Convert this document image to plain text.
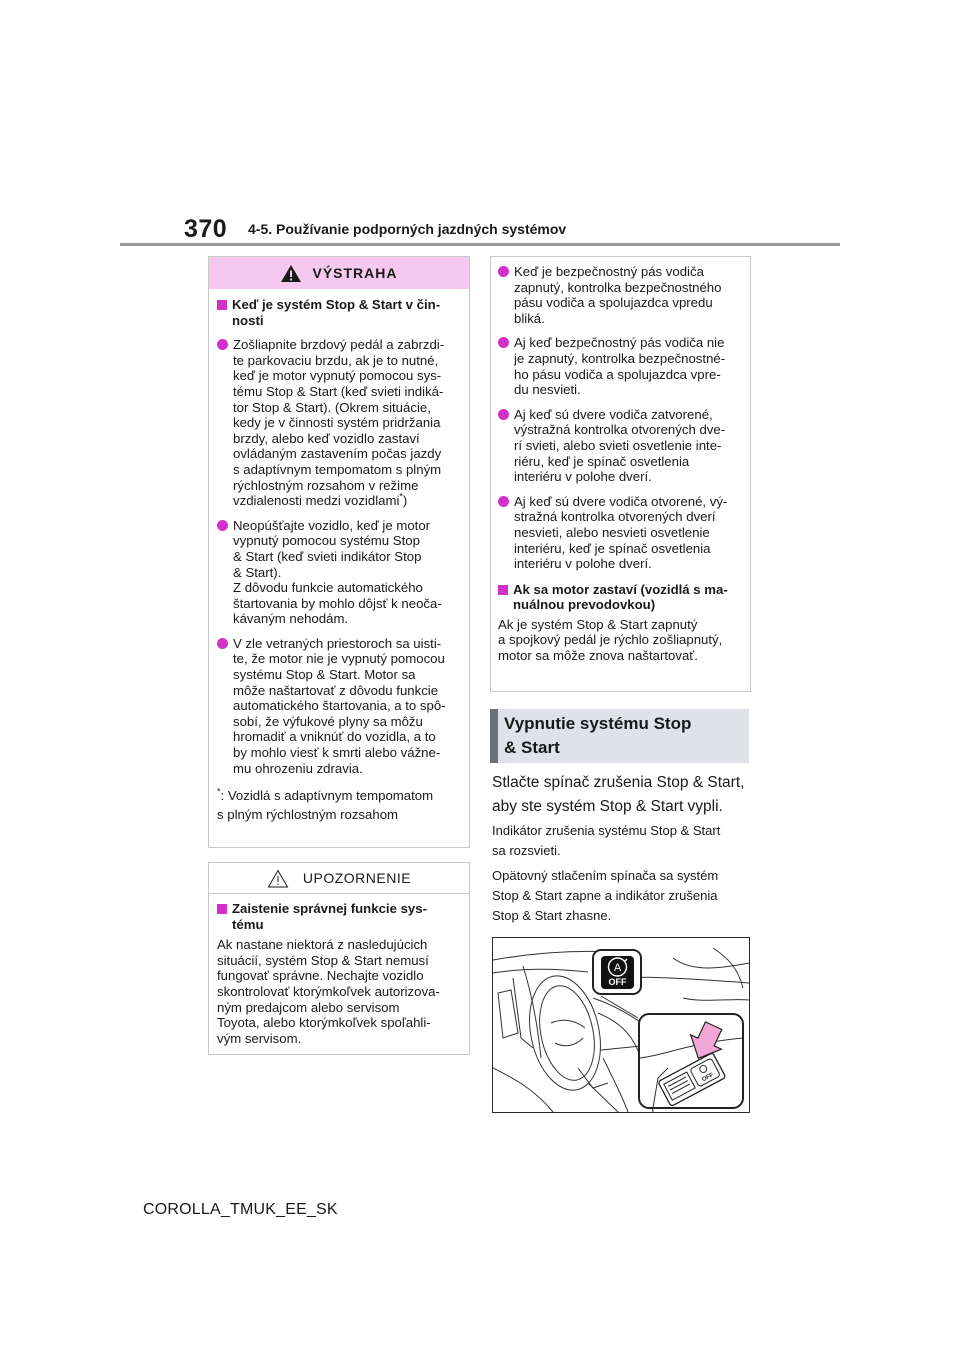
370 4-5. Používanie podporných jazdných systémov
VÝSTRAHA
Keď je systém Stop & Start v čin-
nosti
Zošliapnite brzdový pedál a zabrzdi-
te parkovaciu brzdu, ak je to nutné,
keď je motor vypnutý pomocou sys-
tému Stop & Start (keď svieti indiká-
tor Stop & Start). (Okrem situácie,
kedy je v činnosti systém pridržania
brzdy, alebo keď vozidlo zastaví
ovládaným zastavením počas jazdy
s adaptívnym tempomatom s plným
rýchlostným rozsahom v režime
vzdialenosti medzi vozidlami*)
Neopúšťajte vozidlo, keď je motor
vypnutý pomocou systému Stop
& Start (keď svieti indikátor Stop
& Start).
Z dôvodu funkcie automatického
štartovania by mohlo dôjsť k neoča-
kávaným nehodám.
V zle vetraných priestoroch sa uisti-
te, že motor nie je vypnutý pomocou
systému Stop & Start. Motor sa
môže naštartovať z dôvodu funkcie
automatického štartovania, a to spô-
sobí, že výfukové plyny sa môžu
hromadiť a vniknúť do vozidla, a to
by mohlo viesť k smrti alebo vážne-
mu ohrozeniu zdravia.
*: Vozidlá s adaptívnym tempomatom
s plným rýchlostným rozsahom
UPOZORNENIE
Zaistenie správnej funkcie sys-
tému
Ak nastane niektorá z nasledujúcich
situácií, systém Stop & Start nemusí
fungovať správne. Nechajte vozidlo
skontrolovať ktorýmkoľvek autorizova-
ným predajcom alebo servisom
Toyota, alebo ktorýmkoľvek spoľahli-
vým servisom.
Keď je bezpečnostný pás vodiča
zapnutý, kontrolka bezpečnostného
pásu vodiča a spolujazdca vpredu
bliká.
Aj keď bezpečnostný pás vodiča nie
je zapnutý, kontrolka bezpečnostné-
ho pásu vodiča a spolujazdca vpre-
du nesvieti.
Aj keď sú dvere vodiča zatvorené,
výstražná kontrolka otvorených dve-
rí svieti, alebo svieti osvetlenie inte-
riéru, keď je spínač osvetlenia
interiéru v polohe dverí.
Aj keď sú dvere vodiča otvorené, vý-
stražná kontrolka otvorených dverí
nesvieti, alebo nesvieti osvetlenie
interiéru, keď je spínač osvetlenia
interiéru v polohe dverí.
Ak sa motor zastaví (vozidlá s ma-
nuálnou prevodovkou)
Ak je systém Stop & Start zapnutý
a spojkový pedál je rýchlo zošliapnutý,
motor sa môže znova naštartovať.
Vypnutie systému Stop
& Start
Stlačte spínač zrušenia Stop & Start,
aby ste systém Stop & Start vypli.
Indikátor zrušenia systému Stop & Start
sa rozsvieti.
Opätovný stlačením spínača sa systém
Stop & Start zapne a indikátor zrušenia
Stop & Start zhasne.
A
OFF
OFF
COROLLA_TMUK_EE_SK
